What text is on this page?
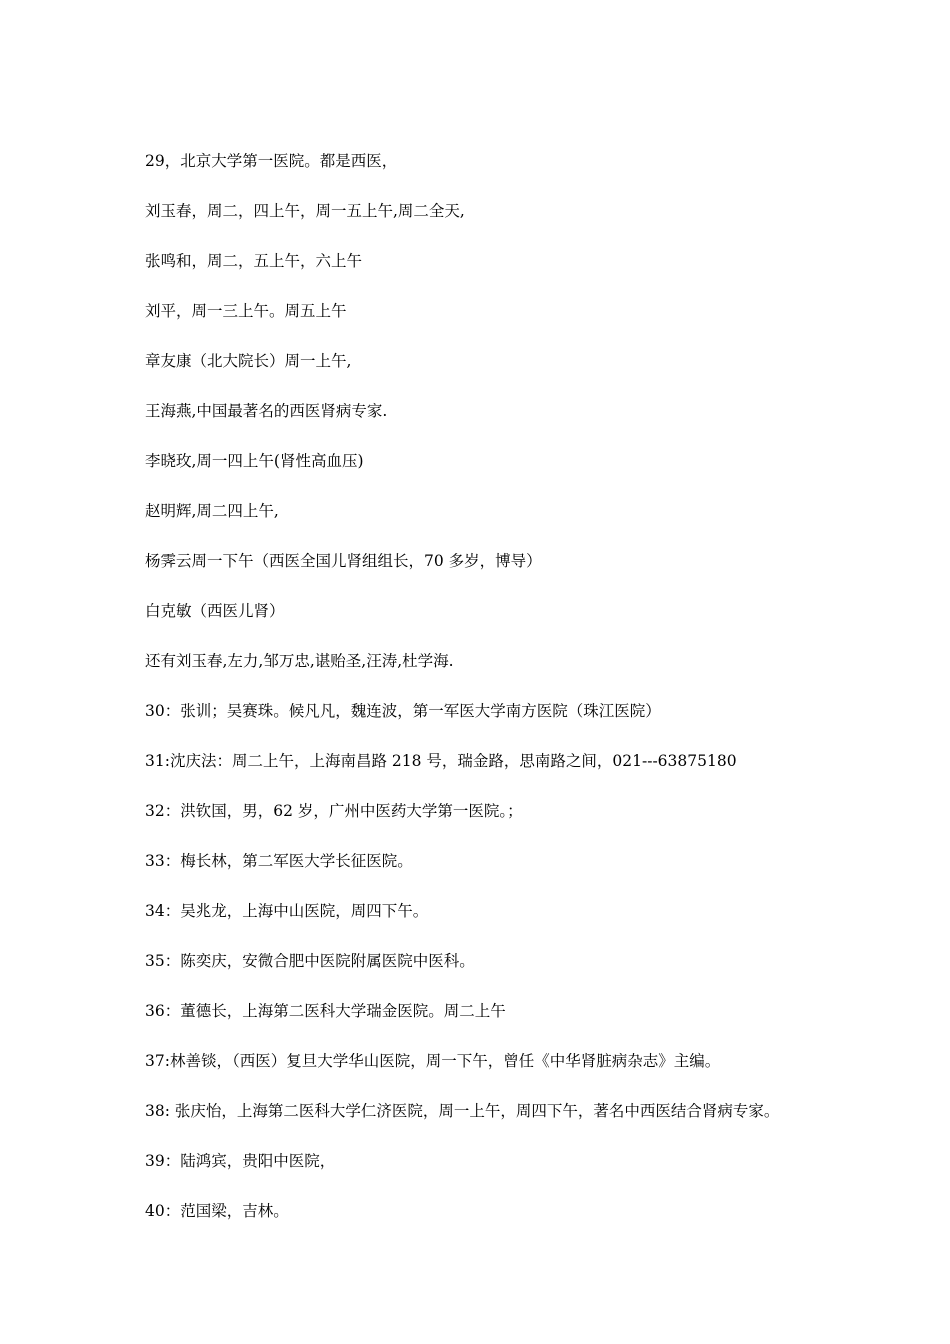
29，北京大学第一医院。都是西医，
刘玉春，周二，四上午，周一五上午,周二全天,
张鸣和，周二，五上午，六上午
刘平，周一三上午。周五上午
章友康（北大院长）周一上午,
王海燕,中国最著名的西医肾病专家.
李晓玫,周一四上午(肾性高血压)
赵明辉,周二四上午,
杨霁云周一下午（西医全国儿肾组组长，70 多岁，博导）
白克敏（西医儿肾）
还有刘玉春,左力,邹万忠,谌贻圣,汪涛,杜学海.
30：张训；吴赛珠。候凡凡，魏连波，第一军医大学南方医院（珠江医院）
31:沈庆法：周二上午，上海南昌路 218 号，瑞金路，思南路之间，021---63875180
32：洪钦国，男，62 岁，广州中医药大学第一医院。；
33：梅长林，第二军医大学长征医院。
34：吴兆龙，上海中山医院，周四下午。
35：陈奕庆，安微合肥中医院附属医院中医科。
36：董德长，上海第二医科大学瑞金医院。周二上午
37:林善锬，（西医）复旦大学华山医院，周一下午，曾任《中华肾脏病杂志》主编。
38: 张庆怡，上海第二医科大学仁济医院，周一上午，周四下午，著名中西医结合肾病专家。
39：陆鸿宾，贵阳中医院，
40：范国梁，吉林。
